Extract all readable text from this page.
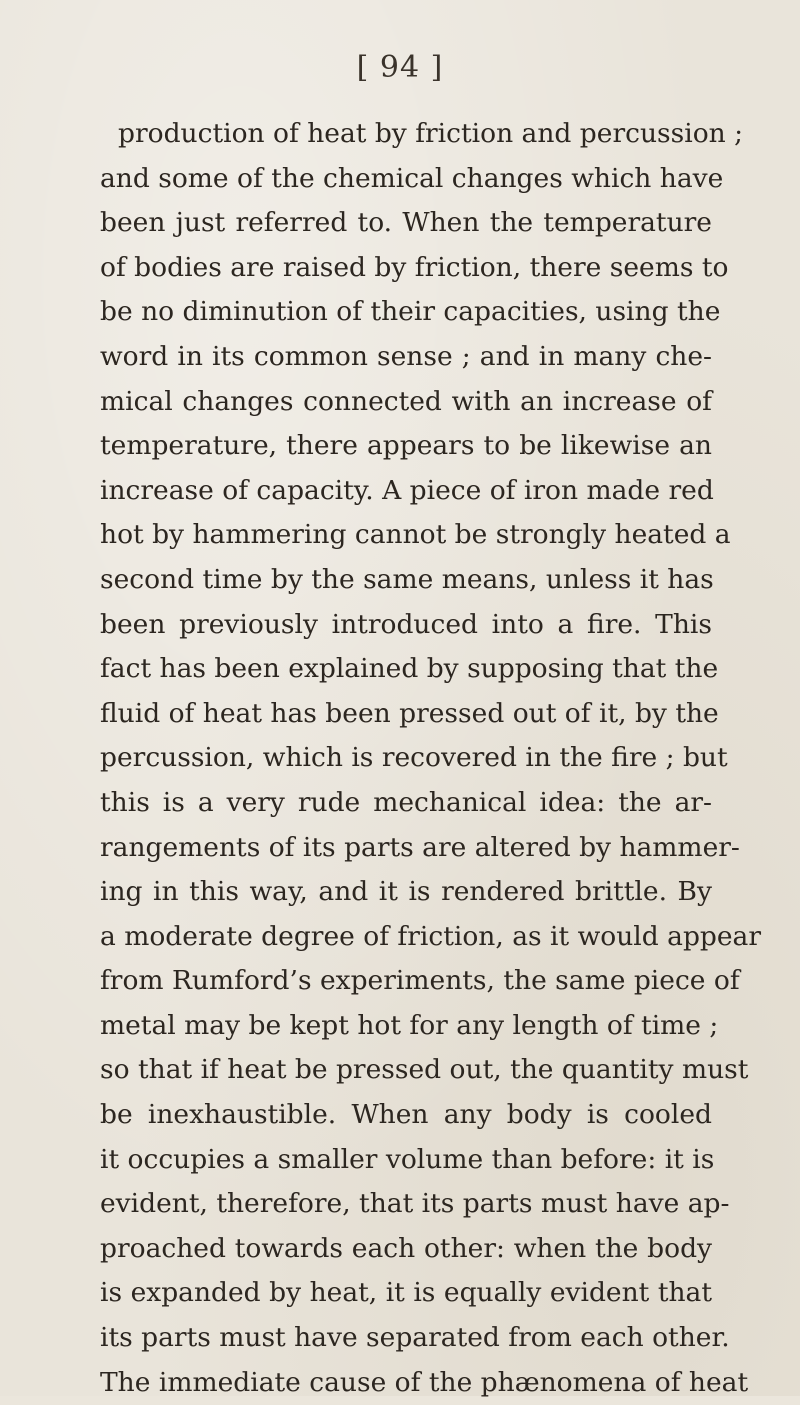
[ 94 ]
production of heat by friction and percussion ;
and some of the chemical changes which have
been just referred to. When the temperature
of bodies are raised by friction, there seems to
be no diminution of their capacities, using the
word in its common sense ; and in many che-
mical changes connected with an increase of
temperature, there appears to be likewise an
increase of capacity. A piece of iron made red
hot by hammering cannot be strongly heated a
second time by the same means, unless it has
been previously introduced into a fire. This
fact has been explained by supposing that the
fluid of heat has been pressed out of it, by the
percussion, which is recovered in the fire ; but
this is a very rude mechanical idea: the ar-
rangements of its parts are altered by hammer-
ing in this way, and it is rendered brittle. By
a moderate degree of friction, as it would appear
from Rumford’s experiments, the same piece of
metal may be kept hot for any length of time ;
so that if heat be pressed out, the quantity must
be inexhaustible. When any body is cooled
it occupies a smaller volume than before: it is
evident, therefore, that its parts must have ap-
proached towards each other: when the body
is expanded by heat, it is equally evident that
its parts must have separated from each other.
The immediate cause of the phænomena of heat
